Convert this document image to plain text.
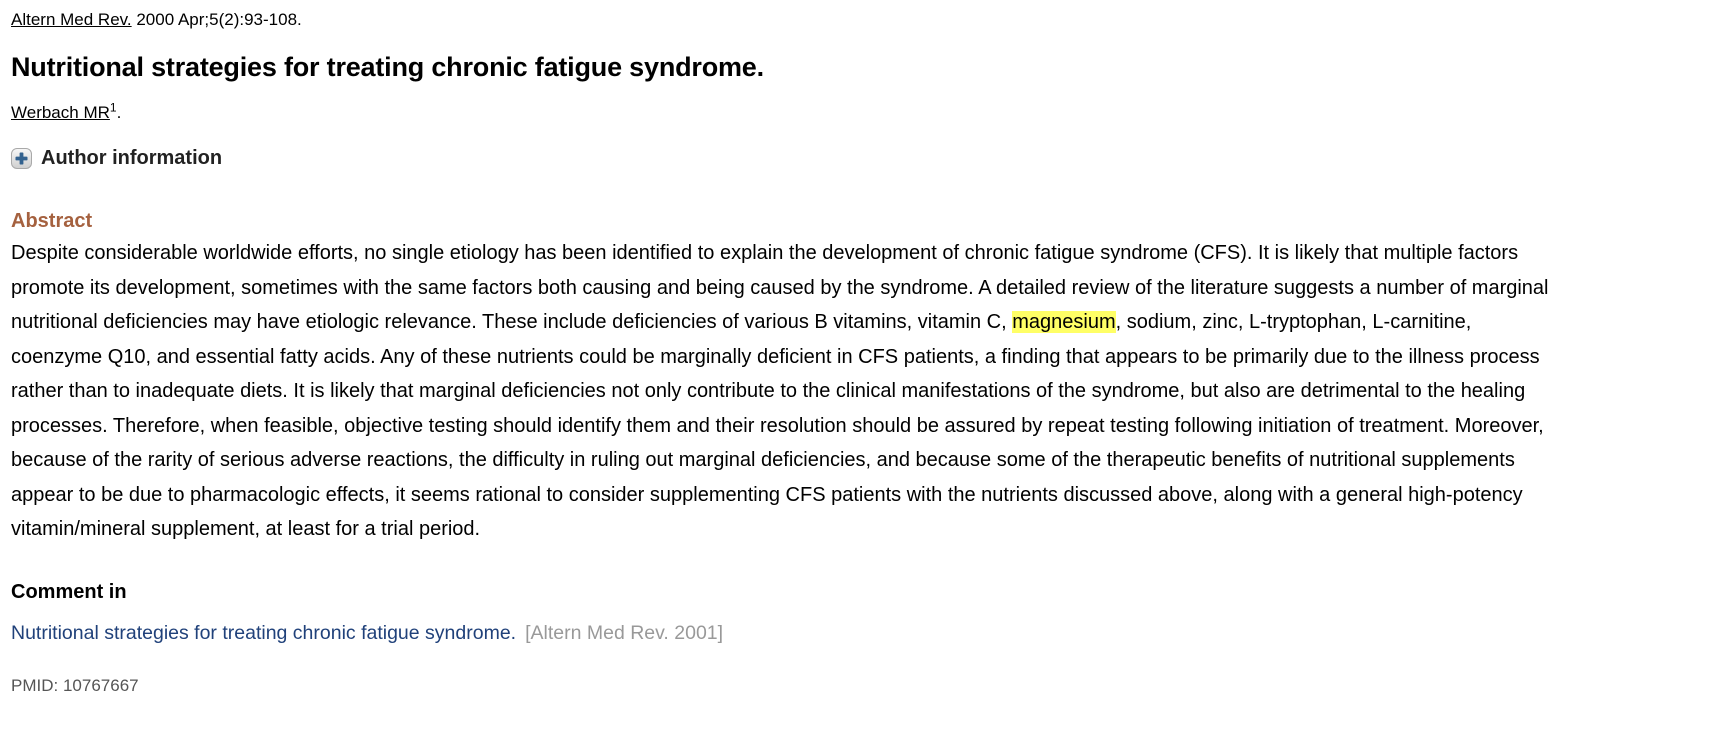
Altern Med Rev. 2000 Apr;5(2):93-108.

Nutritional strategies for treating chronic fatigue syndrome.

Werbach $MR^1$.

Author information
Abstract

Despite considerable worldwide efforts, no single etiology has been identified to explain the development of chronic fatigue syndrome (CFS). It is likely that multiple factors promote its development, sometimes with the same factors both causing and being caused by the syndrome. A detailed review of the literature suggests a number of marginal nutritional deficiencies may have etiologic relevance. These include deficiencies of various B vitamins, vitamin C, magnesium, sodium, zinc, L-tryptophan, L-carnitine, coenzyme Q10, and essential fatty acids. Any of these nutrients could be marginally deficient in CFS patients, a finding that appears to be primarily due to the illness process rather than to inadequate diets. It is likely that marginal deficiencies not only contribute to the clinical manifestations of the syndrome, but also are detrimental to the healing processes. Therefore, when feasible, objective testing should identify them and their resolution should be assured by repeat testing following initiation of treatment. Moreover, because of the rarity of serious adverse reactions, the difficulty in ruling out marginal deficiencies, and because some of the therapeutic benefits of nutritional supplements appear to be due to pharmacologic effects, it seems rational to consider supplementing CFS patients with the nutrients discussed above, along with a general high-potency vitamin/mineral supplement, at least for a trial period.

Comment in

Nutritional strategies for treating chronic fatigue syndrome. [Altern Med Rev. 2001]

PMID: 10767667
